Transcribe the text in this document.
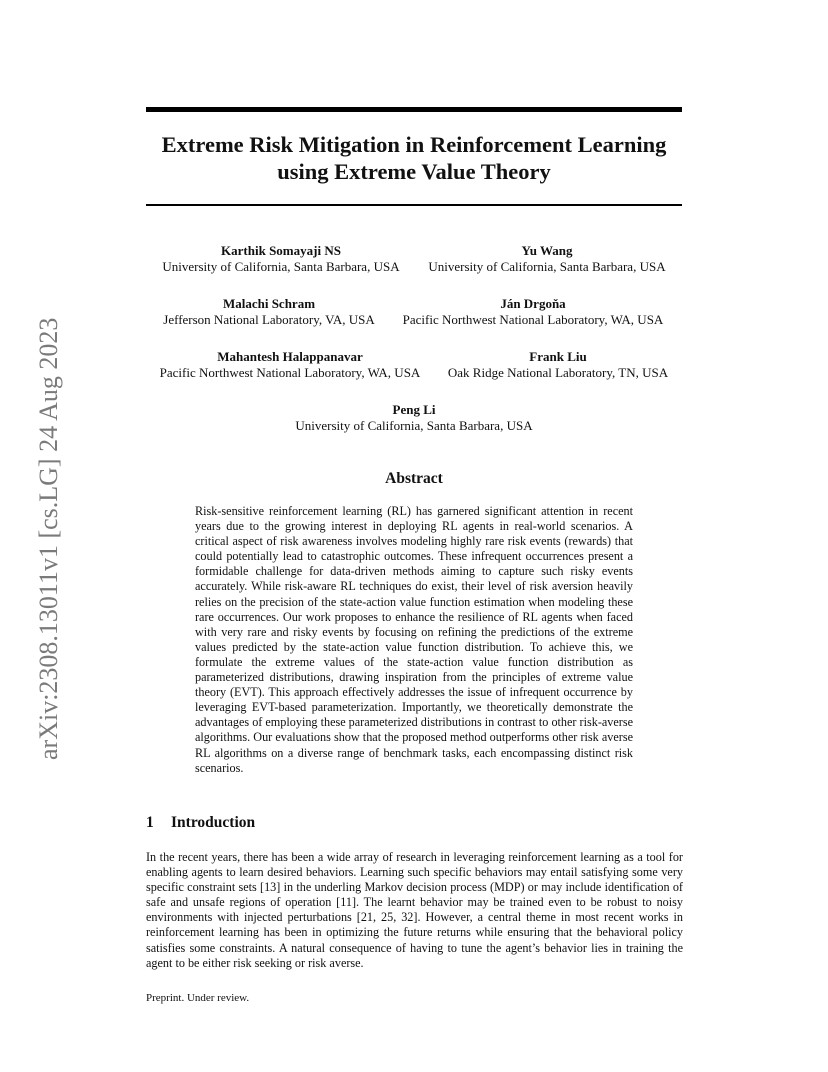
Extreme Risk Mitigation in Reinforcement Learning
using Extreme Value Theory
arXiv:2308.13011v1 [cs.LG] 24 Aug 2023
Karthik Somayaji NS
University of California, Santa Barbara, USA
Yu Wang
University of California, Santa Barbara, USA
Malachi Schram
Jefferson National Laboratory, VA, USA
Ján Drgoňa
Pacific Northwest National Laboratory, WA, USA
Mahantesh Halappanavar
Pacific Northwest National Laboratory, WA, USA
Frank Liu
Oak Ridge National Laboratory, TN, USA
Peng Li
University of California, Santa Barbara, USA
Abstract
Risk-sensitive reinforcement learning (RL) has garnered significant attention in recent years due to the growing interest in deploying RL agents in real-world scenarios. A critical aspect of risk awareness involves modeling highly rare risk events (rewards) that could potentially lead to catastrophic outcomes. These infrequent occurrences present a formidable challenge for data-driven methods aiming to capture such risky events accurately. While risk-aware RL techniques do exist, their level of risk aversion heavily relies on the precision of the state-action value function estimation when modeling these rare occurrences. Our work proposes to enhance the resilience of RL agents when faced with very rare and risky events by focusing on refining the predictions of the extreme values predicted by the state-action value function distribution. To achieve this, we formulate the extreme values of the state-action value function distribution as parameterized distributions, drawing inspiration from the principles of extreme value theory (EVT). This approach effectively addresses the issue of infrequent occurrence by leveraging EVT-based parameterization. Importantly, we theoretically demonstrate the advantages of employing these parameterized distributions in contrast to other risk-averse algorithms. Our evaluations show that the proposed method outperforms other risk averse RL algorithms on a diverse range of benchmark tasks, each encompassing distinct risk scenarios.
1 Introduction
In the recent years, there has been a wide array of research in leveraging reinforcement learning as a tool for enabling agents to learn desired behaviors. Learning such specific behaviors may entail satisfying some very specific constraint sets [13] in the underling Markov decision process (MDP) or may include identification of safe and unsafe regions of operation [11]. The learnt behavior may be trained even to be robust to noisy environments with injected perturbations [21, 25, 32]. However, a central theme in most recent works in reinforcement learning has been in optimizing the future returns while ensuring that the behavioral policy satisfies some constraints. A natural consequence of having to tune the agent’s behavior lies in training the agent to be either risk seeking or risk averse.
Preprint. Under review.
